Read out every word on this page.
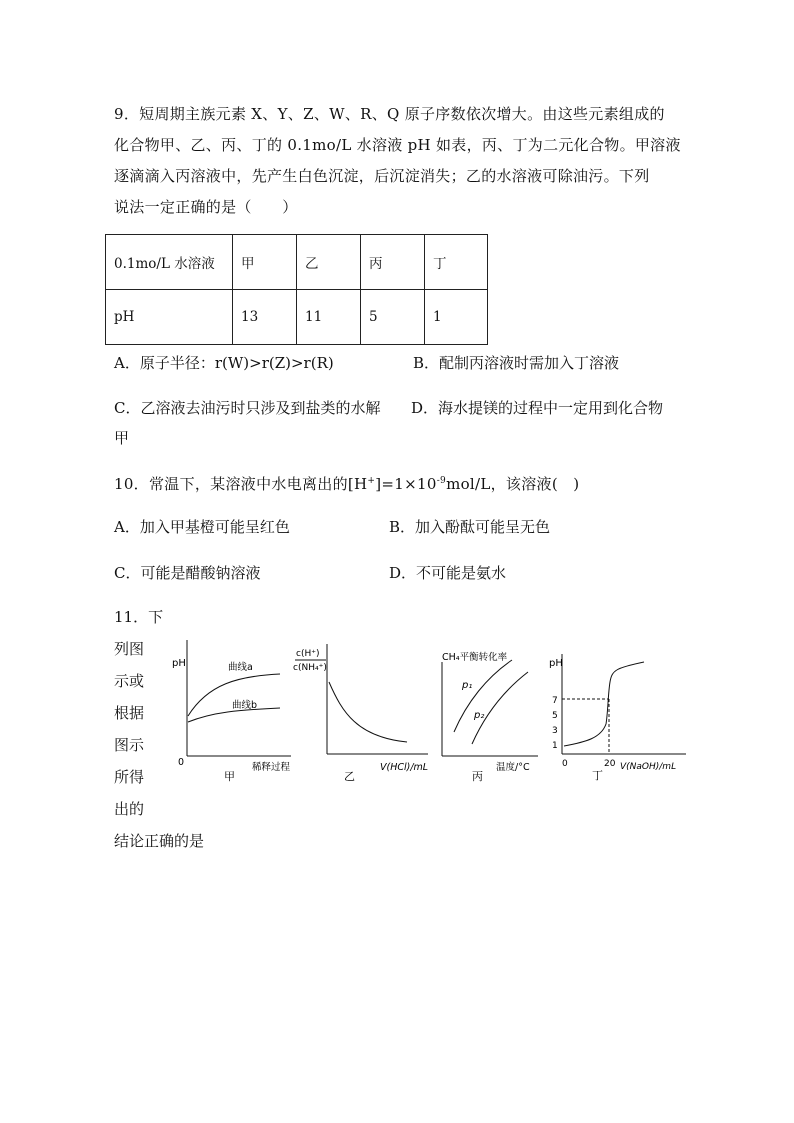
9．短周期主族元素 X、Y、Z、W、R、Q 原子序数依次增大。由这些元素组成的
化合物甲、乙、丙、丁的 0.1mo/L 水溶液 pH 如表，丙、丁为二元化合物。甲溶液
逐滴滴入丙溶液中，先产生白色沉淀，后沉淀消失；乙的水溶液可除油污。下列
说法一定正确的是（　　）
0.1mo/L 水溶液	甲	乙	丙	丁
pH	13	11	5	1
A．原子半径：r(W)>r(Z)>r(R)	B．配制丙溶液时需加入丁溶液
C．乙溶液去油污时只涉及到盐类的水解 D．海水提镁的过程中一定用到化合物
甲
10．常温下，某溶液中水电离出的$[H^+]=1\times 10^{-9}mol/L$，该溶液(　)
A．加入甲基橙可能呈红色	B．加入酚酞可能呈无色
C．可能是醋酸钠溶液	D．不可能是氨水
11．下
列图
示或
根据
图示
所得
出的
结论正确的是
pH	曲线a
曲线b
0	稀释过程
甲
c(H⁺)
c(NH₄⁺)
V(HCl)/mL
乙
CH₄平衡转化率
p₁
p₂
温度/°C
丙
pH
7
5
3
1
0	20 V(NaOH)/mL
丁
